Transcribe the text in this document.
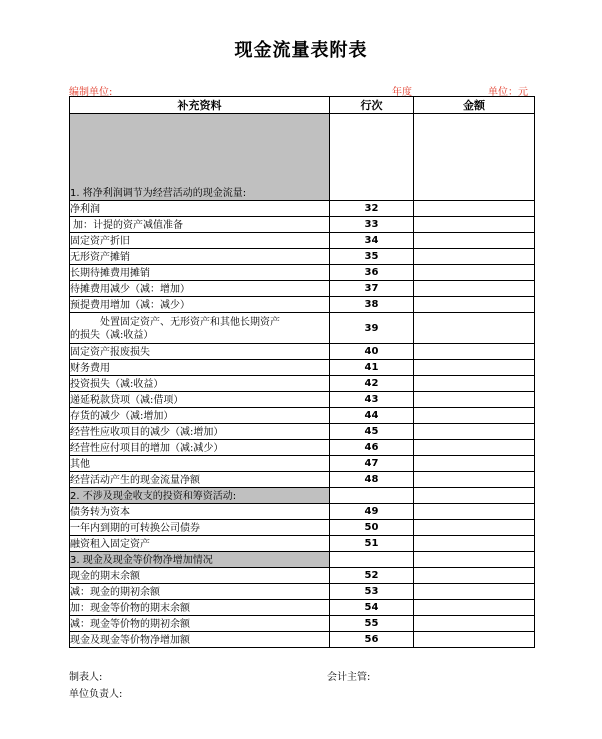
现金流量表附表
编制单位:	年度	单位：元
补充资料	行次	金额
1. 将净利润调节为经营活动的现金流量:		
净利润	32	
加：计提的资产减值准备	33	
固定资产折旧	34	
无形资产摊销	35	
长期待摊费用摊销	36	
待摊费用减少（减：增加）	37	
预提费用增加（减：减少）	38	

处置固定资产、无形资产和其他长期资产
的损失（减:收益）	39	
固定资产报废损失	40	
财务费用	41	
投资损失（减:收益）	42	
递延税款贷项（减:借项）	43	
存货的减少（减:增加）	44	
经营性应收项目的减少（减:增加）	45	
经营性应付项目的增加（减:减少）	46	
其他	47	
经营活动产生的现金流量净额	48	
2. 不涉及现金收支的投资和筹资活动:		
债务转为资本	49	
一年内到期的可转换公司债券	50	
融资租入固定资产	51	
3. 现金及现金等价物净增加情况		
现金的期末余额	52	
减：现金的期初余额	53	
加：现金等价物的期末余额	54	
减：现金等价物的期初余额	55	
现金及现金等价物净增加额	56	
制表人:	会计主管:
单位负责人:
